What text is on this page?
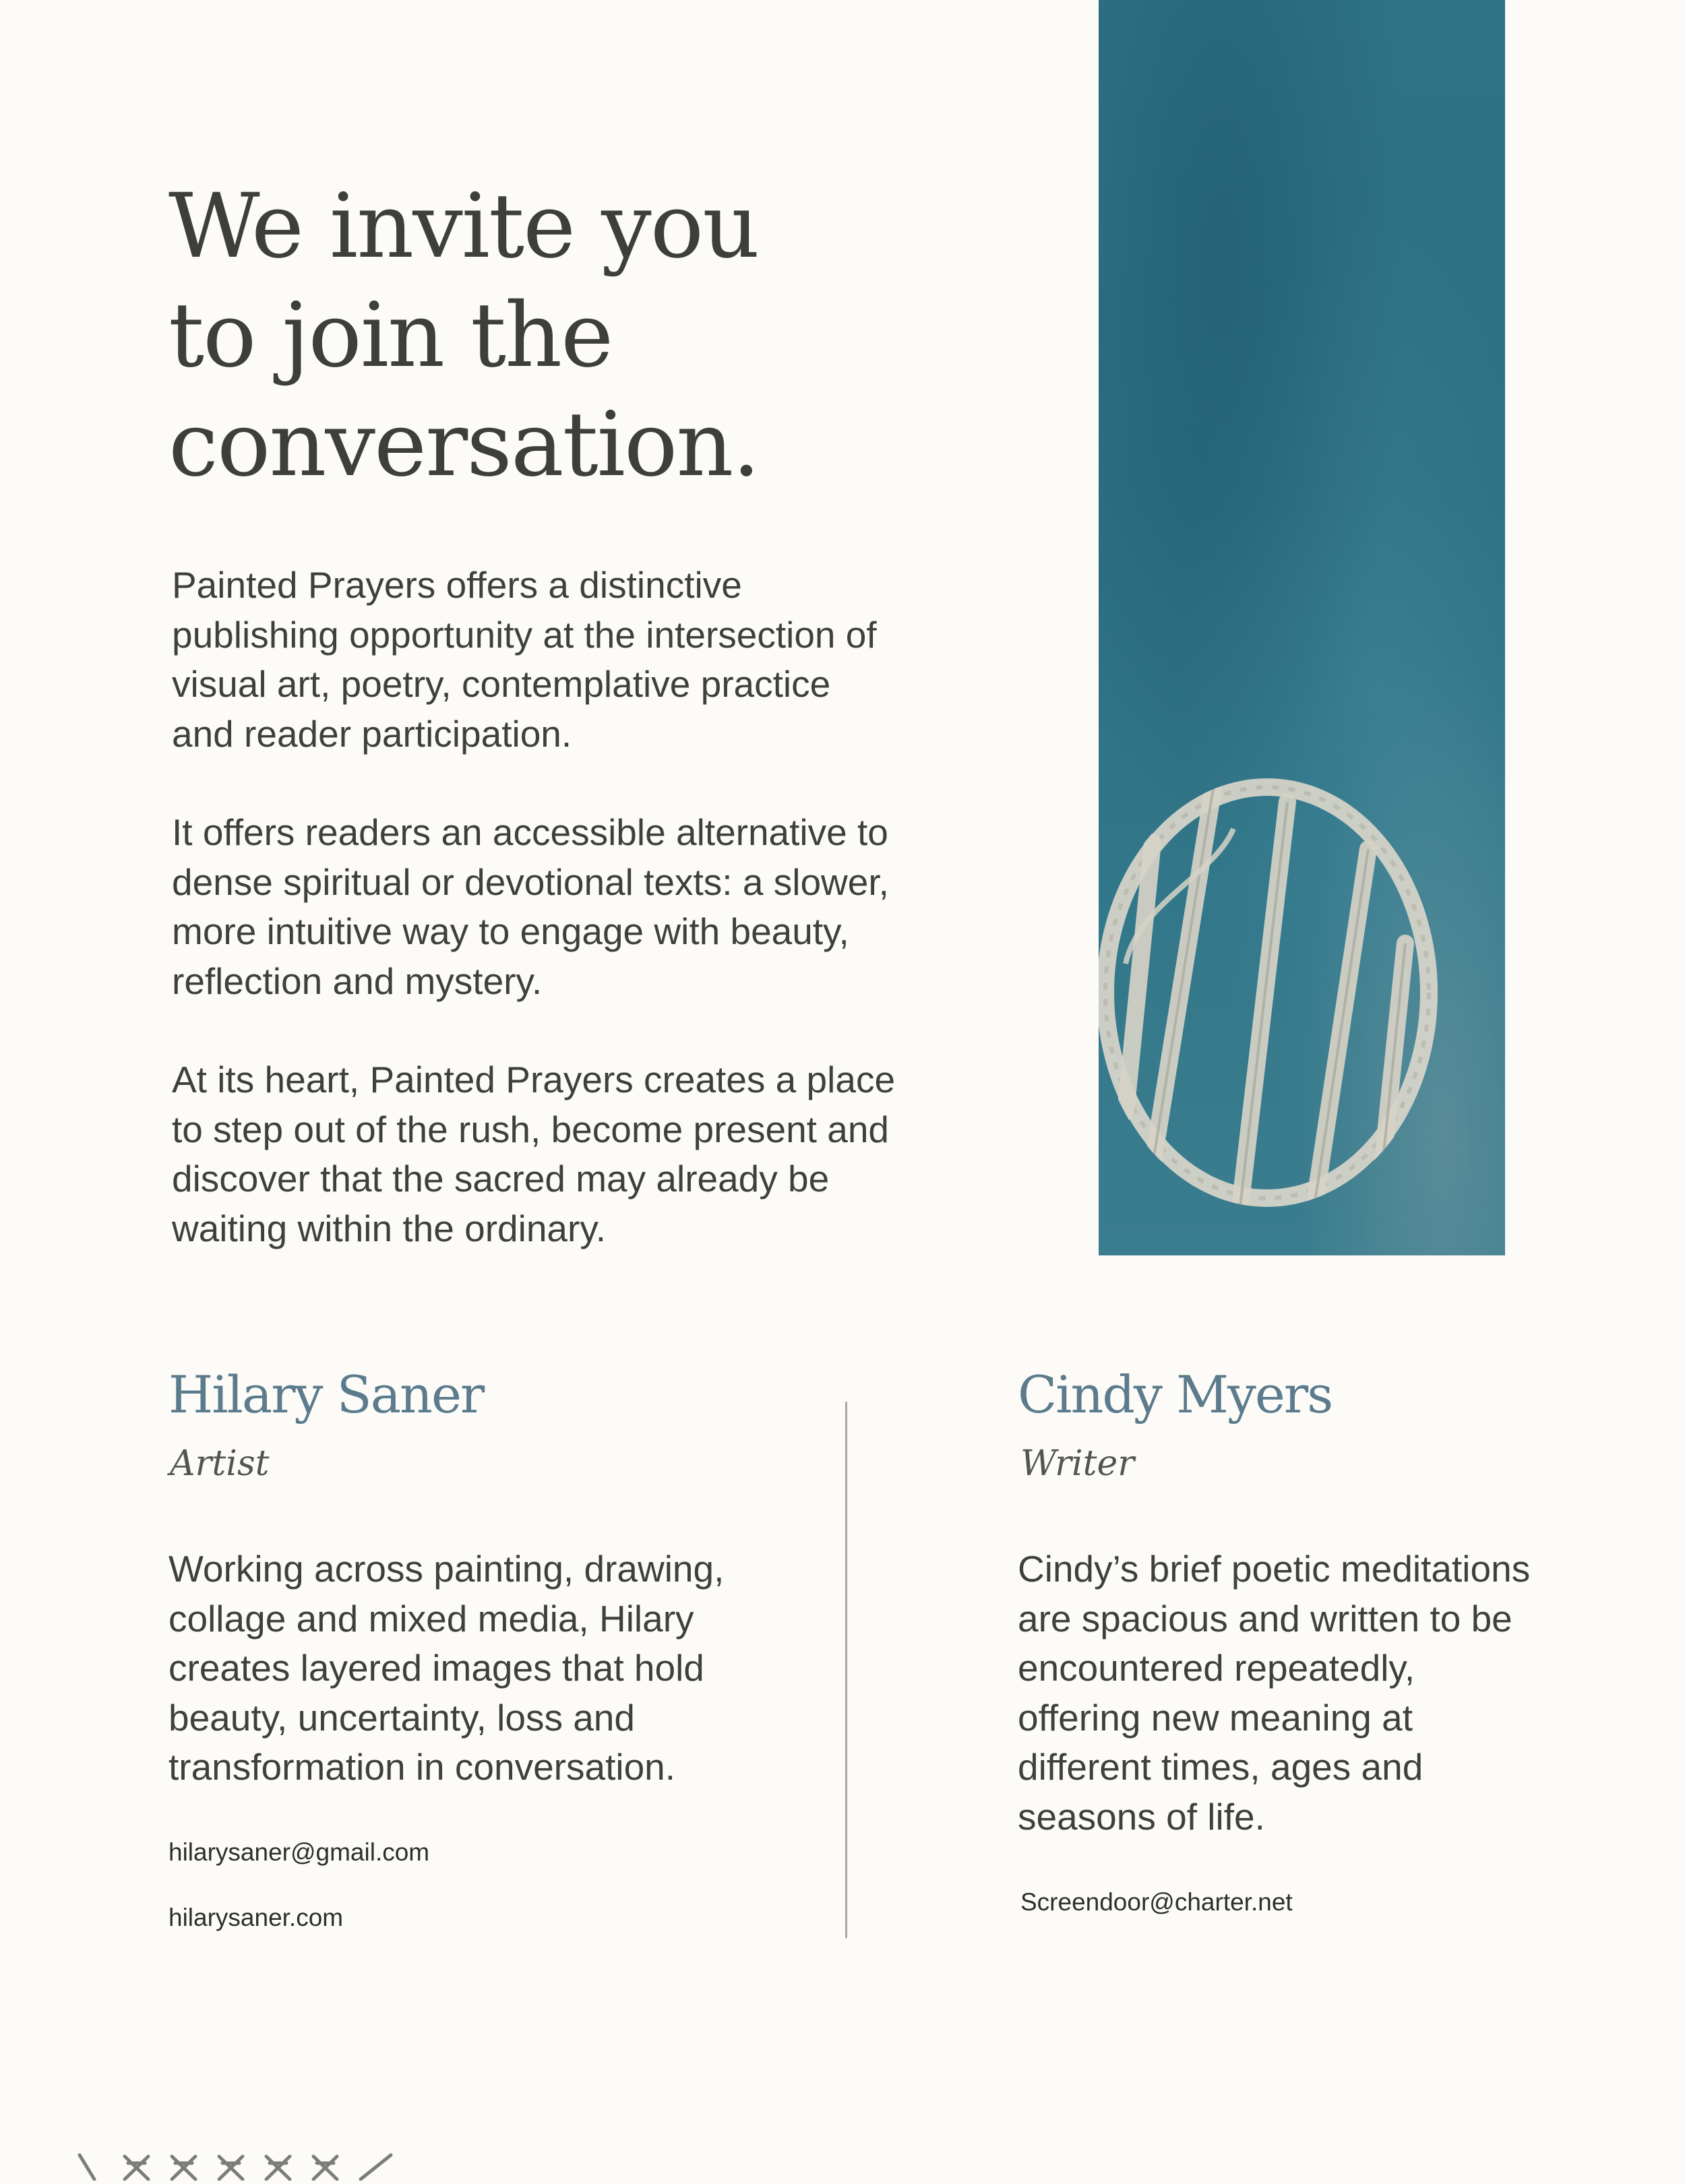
We invite you
to join the
conversation.

Painted Prayers offers a distinctive
publishing opportunity at the intersection of
visual art, poetry, contemplative practice
and reader participation.

It offers readers an accessible alternative to
dense spiritual or devotional texts: a slower,
more intuitive way to engage with beauty,
reflection and mystery.

At its heart, Painted Prayers creates a place
to step out of the rush, become present and
discover that the sacred may already be
waiting within the ordinary.

Hilary Saner

Artist

Working across painting, drawing,
collage and mixed media, Hilary
creates layered images that hold
beauty, uncertainty, loss and
transformation in conversation.
hilarysaner@gmail.com
hilarysaner.com
Cindy Myers

Writer

Cindy’s brief poetic meditations
are spacious and written to be
encountered repeatedly,
offering new meaning at
different times, ages and
seasons of life.
Screendoor@charter.net
